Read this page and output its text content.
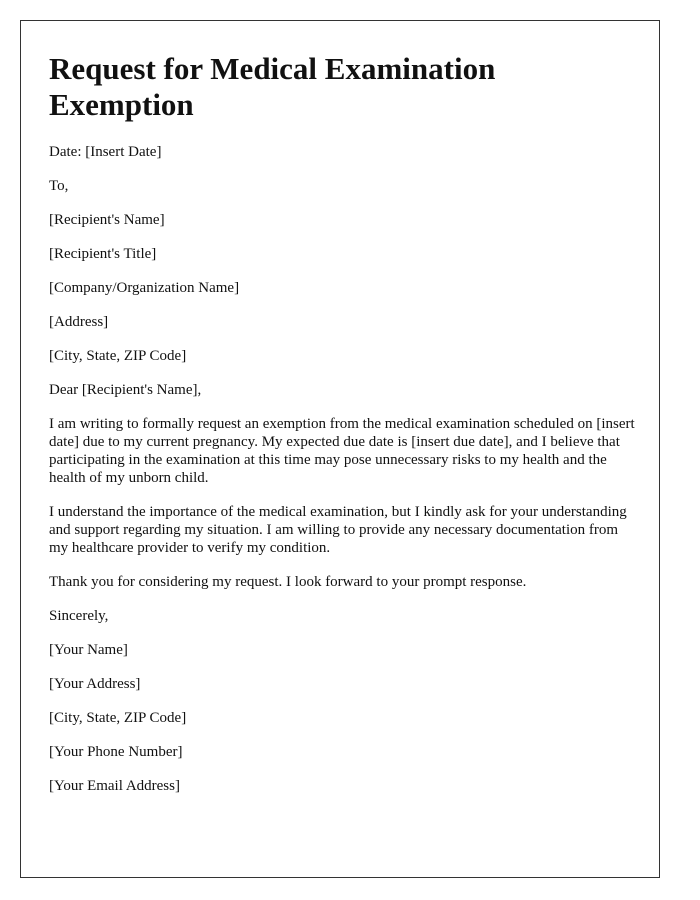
Request for Medical Examination Exemption

Date: [Insert Date]

To,

[Recipient's Name]

[Recipient's Title]

[Company/Organization Name]

[Address]

[City, State, ZIP Code]

Dear [Recipient's Name],

I am writing to formally request an exemption from the medical examination scheduled on [insert date] due to my current pregnancy. My expected due date is [insert due date], and I believe that participating in the examination at this time may pose unnecessary risks to my health and the health of my unborn child.

I understand the importance of the medical examination, but I kindly ask for your understanding and support regarding my situation. I am willing to provide any necessary documentation from my healthcare provider to verify my condition.

Thank you for considering my request. I look forward to your prompt response.

Sincerely,

[Your Name]

[Your Address]

[City, State, ZIP Code]

[Your Phone Number]

[Your Email Address]
